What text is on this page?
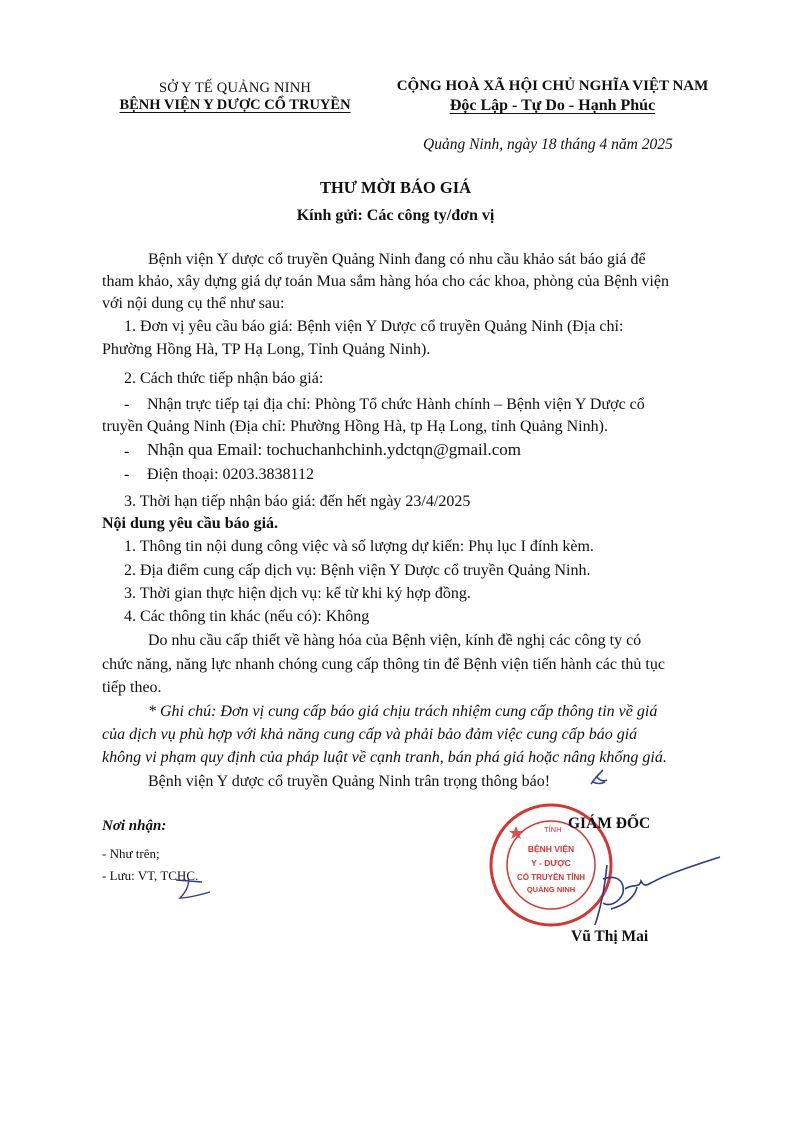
SỞ Y TẾ QUẢNG NINH
BỆNH VIỆN Y DƯỢC CỔ TRUYỀN
CỘNG HOÀ XÃ HỘI CHỦ NGHĨA VIỆT NAM
Độc Lập - Tự Do - Hạnh Phúc
Quảng Ninh, ngày 18 tháng 4 năm 2025
THƯ MỜI BÁO GIÁ
Kính gửi: Các công ty/đơn vị
Bệnh viện Y dược cổ truyền Quảng Ninh đang có nhu cầu khảo sát báo giá để
tham khảo, xây dựng giá dự toán Mua sắm hàng hóa cho các khoa, phòng của Bệnh viện
với nội dung cụ thể như sau:
1. Đơn vị yêu cầu báo giá: Bệnh viện Y Dược cổ truyền Quảng Ninh (Địa chỉ:
Phường Hồng Hà, TP Hạ Long, Tỉnh Quảng Ninh).
2. Cách thức tiếp nhận báo giá:
- Nhận trực tiếp tại địa chỉ: Phòng Tổ chức Hành chính – Bệnh viện Y Dược cổ
truyền Quảng Ninh (Địa chỉ: Phường Hồng Hà, tp Hạ Long, tỉnh Quảng Ninh).
- Nhận qua Email: tochuchanhchinh.ydctqn@gmail.com
- Điện thoại: 0203.3838112
3. Thời hạn tiếp nhận báo giá: đến hết ngày 23/4/2025
Nội dung yêu cầu báo giá.
1. Thông tin nội dung công việc và số lượng dự kiến: Phụ lục I đính kèm.
2. Địa điểm cung cấp dịch vụ: Bệnh viện Y Dược cổ truyền Quảng Ninh.
3. Thời gian thực hiện dịch vụ: kể từ khi ký hợp đồng.
4. Các thông tin khác (nếu có): Không
Do nhu cầu cấp thiết về hàng hóa của Bệnh viện, kính đề nghị các công ty có
chức năng, năng lực nhanh chóng cung cấp thông tin để Bệnh viện tiến hành các thủ tục
tiếp theo.
* Ghi chú: Đơn vị cung cấp báo giá chịu trách nhiệm cung cấp thông tin về giá
của dịch vụ phù hợp với khả năng cung cấp và phải bảo đảm việc cung cấp báo giá
không vi phạm quy định của pháp luật về cạnh tranh, bán phá giá hoặc nâng khống giá.
Bệnh viện Y dược cổ truyền Quảng Ninh trân trọng thông báo!
Nơi nhận:
- Như trên;
- Lưu: VT, TCHC.
TỈNH
BỆNH VIỆN
Y - DƯỢC
CỔ TRUYỀN TỈNH
QUẢNG NINH
GIÁM ĐỐC
Vũ Thị Mai
